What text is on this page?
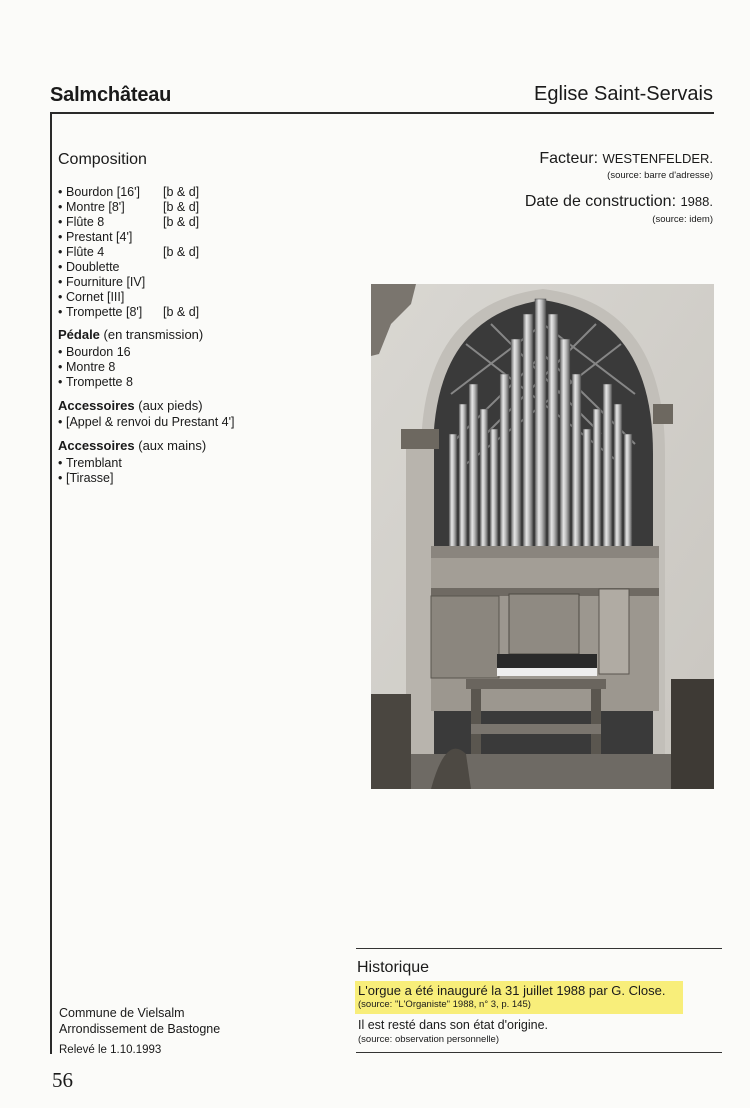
Salmchâteau	Eglise Saint-Servais
Composition
• Bourdon [16'] [b & d]
• Montre [8']	[b & d]
• Flûte 8	[b & d]
• Prestant [4']
• Flûte 4	[b & d]
• Doublette
• Fourniture [IV]
• Cornet [III]
• Trompette [8'] [b & d]
Pédale (en transmission)
• Bourdon 16
• Montre 8
• Trompette 8
Accessoires (aux pieds)
• [Appel & renvoi du Prestant 4']
Accessoires (aux mains)
• Tremblant
• [Tirasse]
Facteur: WESTENFELDER.
(source: barre d'adresse)
Date de construction: 1988.
(source: idem)
Commune de Vielsalm
Arrondissement de Bastogne
Relevé le 1.10.1993
56
Historique
L'orgue a été inauguré la 31 juillet 1988 par G. Close.
(source: "L'Organiste" 1988, n° 3, p. 145)
Il est resté dans son état d'origine.
(source: observation personnelle)
